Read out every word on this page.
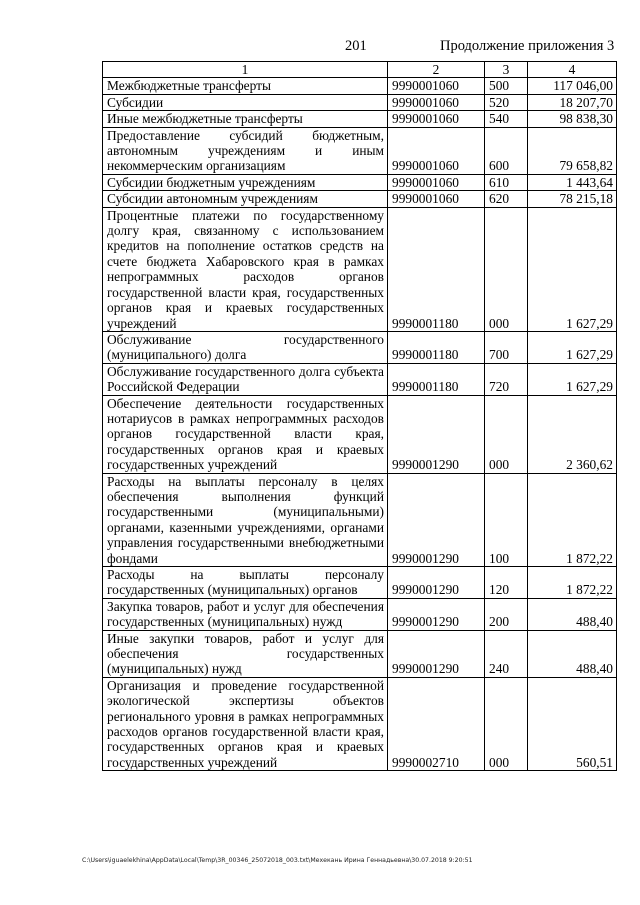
201	Продолжение приложения 3
1	2	3	4
Межбюджетные трансферты	9990001060	500	117 046,00
Субсидии	9990001060	520	18 207,70
Иные межбюджетные трансферты	9990001060	540	98 838,30
Предоставление субсидий бюджетным, автономным учреждениям и иным некоммерческим организациям	9990001060	600	79 658,82
Субсидии бюджетным учреждениям	9990001060	610	1 443,64
Субсидии автономным учреждениям	9990001060	620	78 215,18
Процентные платежи по государственному долгу края, связанному с использованием кредитов на пополнение остатков средств на счете бюджета Хабаровского края в рамках непрограммных расходов органов государственной власти края, государственных органов края и краевых государственных учреждений	9990001180	000	1 627,29
Обслуживание государственного (муниципального) долга	9990001180	700	1 627,29
Обслуживание государственного долга субъекта Российской Федерации	9990001180	720	1 627,29
Обеспечение деятельности государственных нотариусов в рамках непрограммных расходов органов государственной власти края, государственных органов края и краевых государственных учреждений	9990001290	000	2 360,62
Расходы на выплаты персоналу в целях обеспечения выполнения функций государственными (муниципальными) органами, казенными учреждениями, органами управления государственными внебюджетными фондами	9990001290	100	1 872,22
Расходы на выплаты персоналу государственных (муниципальных) органов	9990001290	120	1 872,22
Закупка товаров, работ и услуг для обеспечения государственных (муниципальных) нужд	9990001290	200	488,40
Иные закупки товаров, работ и услуг для обеспечения государственных (муниципальных) нужд	9990001290	240	488,40
Организация и проведение государственной экологической экспертизы объектов регионального уровня в рамках непрограммных расходов органов государственной власти края, государственных органов края и краевых государственных учреждений	9990002710	000	560,51
C:\Users\iguaelekhina\AppData\Local\Temp\3R_00346_25072018_003.txt\Мехекань Ирина Геннадьевна\30.07.2018 9:20:51
